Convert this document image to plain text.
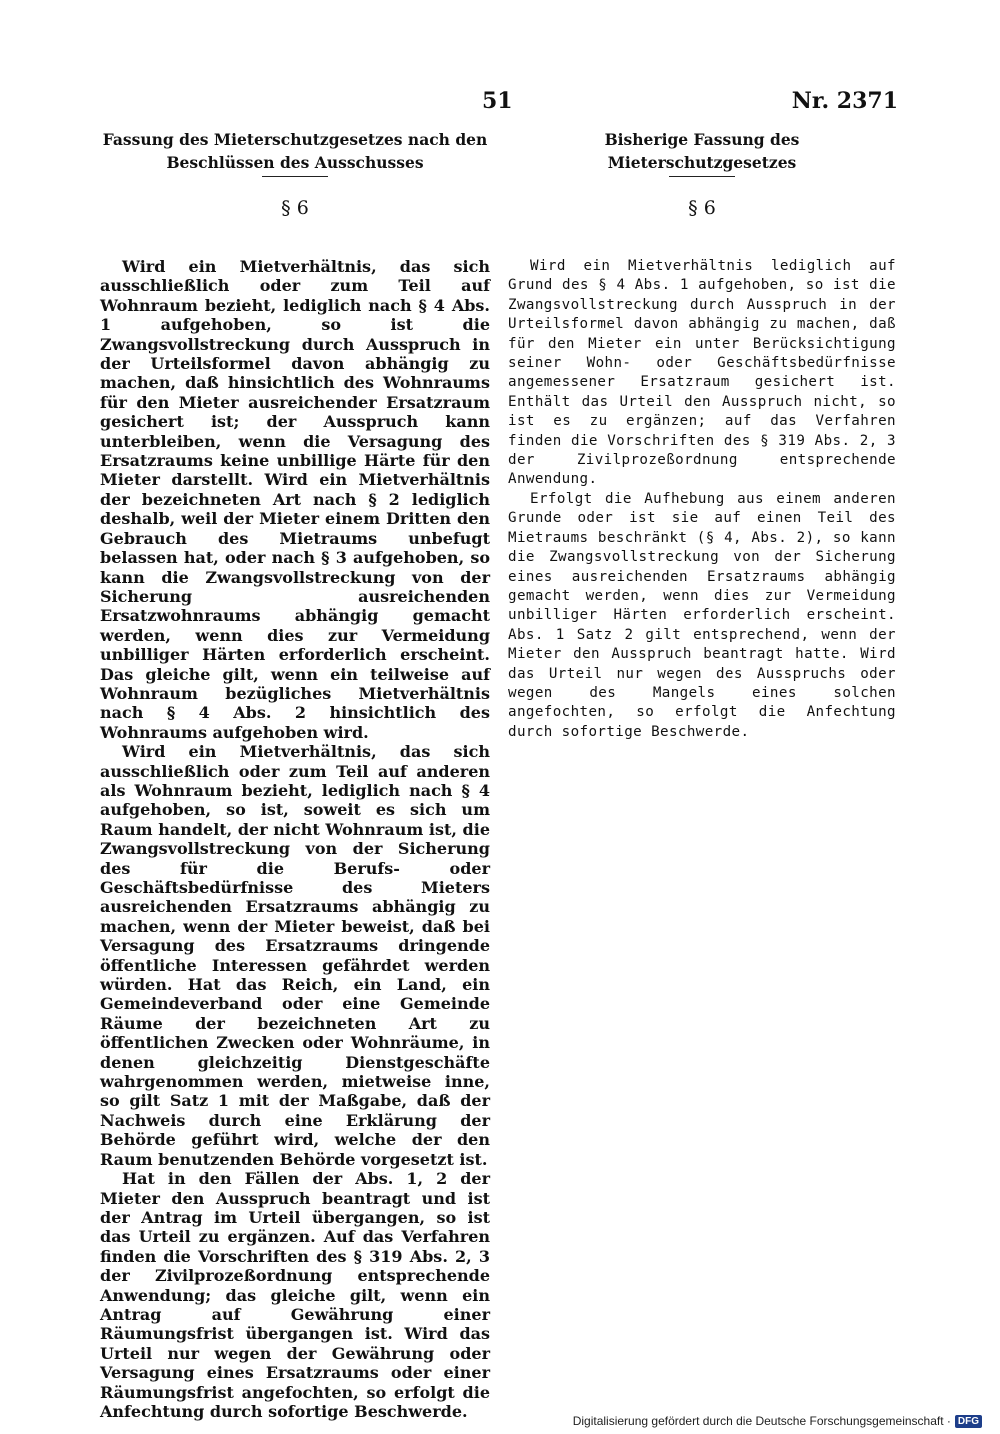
51	Nr. 2371

Fassung des Mieterschutzgesetzes nach den Beschlüssen des Ausschusses

§ 6

Wird ein Mietverhältnis, das sich ausschließlich oder zum Teil auf Wohnraum bezieht, lediglich nach § 4 Abs. 1 aufgehoben, so ist die Zwangsvollstreckung durch Ausspruch in der Urteilsformel davon abhängig zu machen, daß hinsichtlich des Wohnraums für den Mieter ausreichender Ersatzraum gesichert ist; der Ausspruch kann unterbleiben, wenn die Versagung des Ersatzraums keine unbillige Härte für den Mieter darstellt. Wird ein Mietverhältnis der bezeichneten Art nach § 2 lediglich deshalb, weil der Mieter einem Dritten den Gebrauch des Mietraums unbefugt belassen hat, oder nach § 3 aufgehoben, so kann die Zwangsvollstreckung von der Sicherung ausreichenden Ersatzwohnraums abhängig gemacht werden, wenn dies zur Vermeidung unbilliger Härten erforderlich erscheint. Das gleiche gilt, wenn ein teilweise auf Wohnraum bezügliches Mietverhältnis nach § 4 Abs. 2 hinsichtlich des Wohnraums aufgehoben wird.

Wird ein Mietverhältnis, das sich ausschließlich oder zum Teil auf anderen als Wohnraum bezieht, lediglich nach § 4 aufgehoben, so ist, soweit es sich um Raum handelt, der nicht Wohnraum ist, die Zwangsvollstreckung von der Sicherung des für die Berufs- oder Geschäftsbedürfnisse des Mieters ausreichenden Ersatzraums abhängig zu machen, wenn der Mieter beweist, daß bei Versagung des Ersatzraums dringende öffentliche Interessen gefährdet werden würden. Hat das Reich, ein Land, ein Gemeindeverband oder eine Gemeinde Räume der bezeichneten Art zu öffentlichen Zwecken oder Wohnräume, in denen gleichzeitig Dienstgeschäfte wahrgenommen werden, mietweise inne, so gilt Satz 1 mit der Maßgabe, daß der Nachweis durch eine Erklärung der Behörde geführt wird, welche der den Raum benutzenden Behörde vorgesetzt ist.

Hat in den Fällen der Abs. 1, 2 der Mieter den Ausspruch beantragt und ist der Antrag im Urteil übergangen, so ist das Urteil zu ergänzen. Auf das Verfahren finden die Vorschriften des § 319 Abs. 2, 3 der Zivilprozeßordnung entsprechende Anwendung; das gleiche gilt, wenn ein Antrag auf Gewährung einer Räumungsfrist übergangen ist. Wird das Urteil nur wegen der Gewährung oder Versagung eines Ersatzraums oder einer Räumungsfrist angefochten, so erfolgt die Anfechtung durch sofortige Beschwerde.

Bisherige Fassung des Mieterschutzgesetzes

§ 6

Wird ein Mietverhältnis lediglich auf Grund des § 4 Abs. 1 aufgehoben, so ist die Zwangsvollstreckung durch Ausspruch in der Urteilsformel davon abhängig zu machen, daß für den Mieter ein unter Berücksichtigung seiner Wohn- oder Geschäftsbedürfnisse angemessener Ersatzraum gesichert ist. Enthält das Urteil den Ausspruch nicht, so ist es zu ergänzen; auf das Verfahren finden die Vorschriften des § 319 Abs. 2, 3 der Zivilprozeßordnung entsprechende Anwendung.

Erfolgt die Aufhebung aus einem anderen Grunde oder ist sie auf einen Teil des Mietraums beschränkt (§ 4, Abs. 2), so kann die Zwangsvollstreckung von der Sicherung eines ausreichenden Ersatzraums abhängig gemacht werden, wenn dies zur Vermeidung unbilliger Härten erforderlich erscheint. Abs. 1 Satz 2 gilt entsprechend, wenn der Mieter den Ausspruch beantragt hatte. Wird das Urteil nur wegen des Ausspruchs oder wegen des Mangels eines solchen angefochten, so erfolgt die Anfechtung durch sofortige Beschwerde.

Digitalisierung gefördert durch die Deutsche Forschungsgemeinschaft · DFG
